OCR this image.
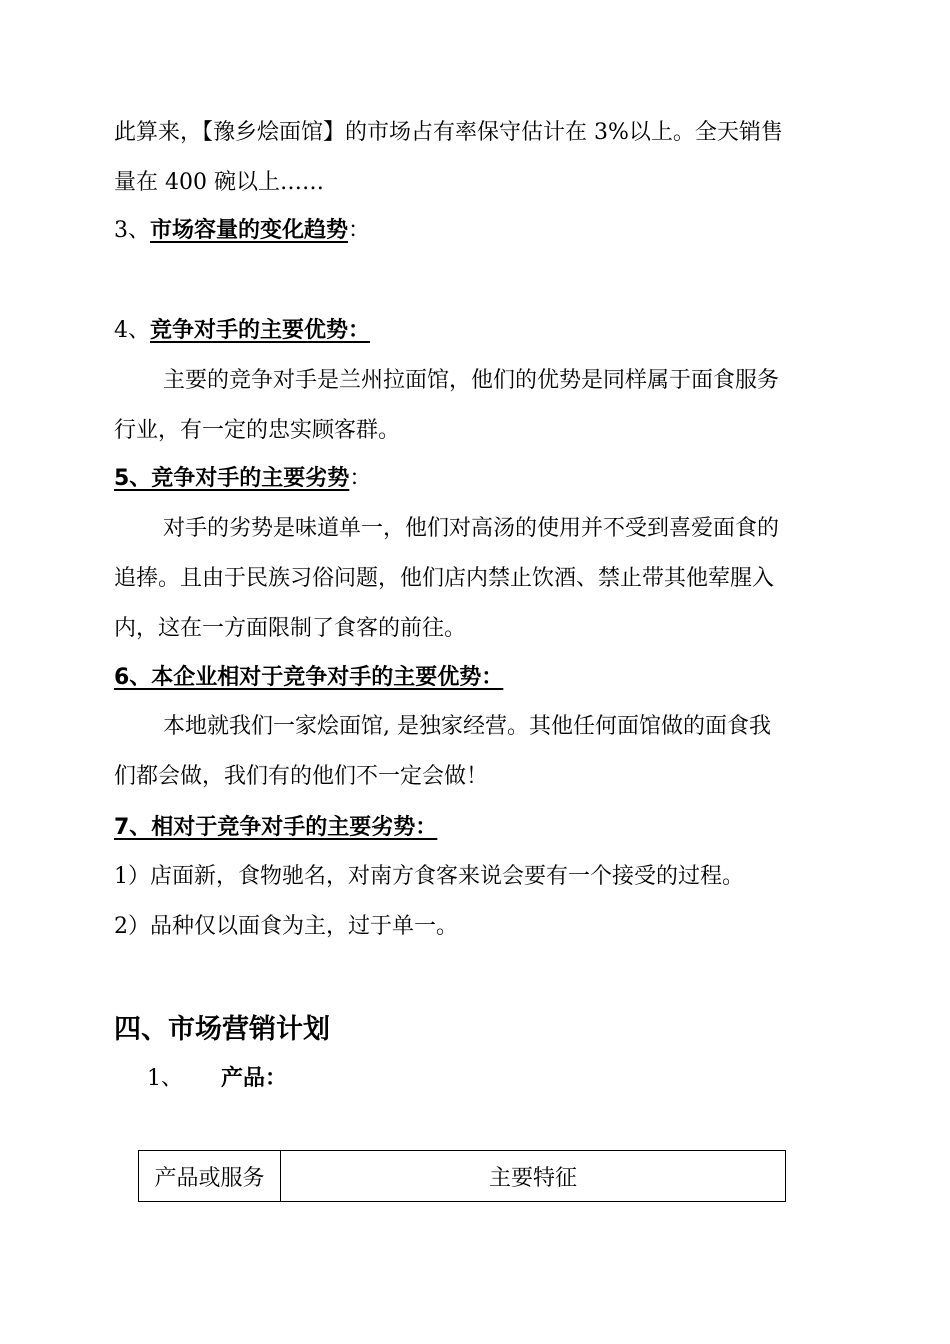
此算来，【豫乡烩面馆】的市场占有率保守估计在 3%以上。全天销售
量在 400 碗以上……
3、市场容量的变化趋势：
4、竞争对手的主要优势：
主要的竞争对手是兰州拉面馆，他们的优势是同样属于面食服务
行业，有一定的忠实顾客群。
5、竞争对手的主要劣势：
对手的劣势是味道单一，他们对高汤的使用并不受到喜爱面食的
追捧。且由于民族习俗问题，他们店内禁止饮酒、禁止带其他荤腥入
内，这在一方面限制了食客的前往。
6、本企业相对于竞争对手的主要优势：
本地就我们一家烩面馆, 是独家经营。其他任何面馆做的面食我
们都会做，我们有的他们不一定会做！
7、相对于竞争对手的主要劣势：
1）店面新，食物驰名，对南方食客来说会要有一个接受的过程。
2）品种仅以面食为主，过于单一。
四、市场营销计划
1、 产品：
产品或服务	主要特征
